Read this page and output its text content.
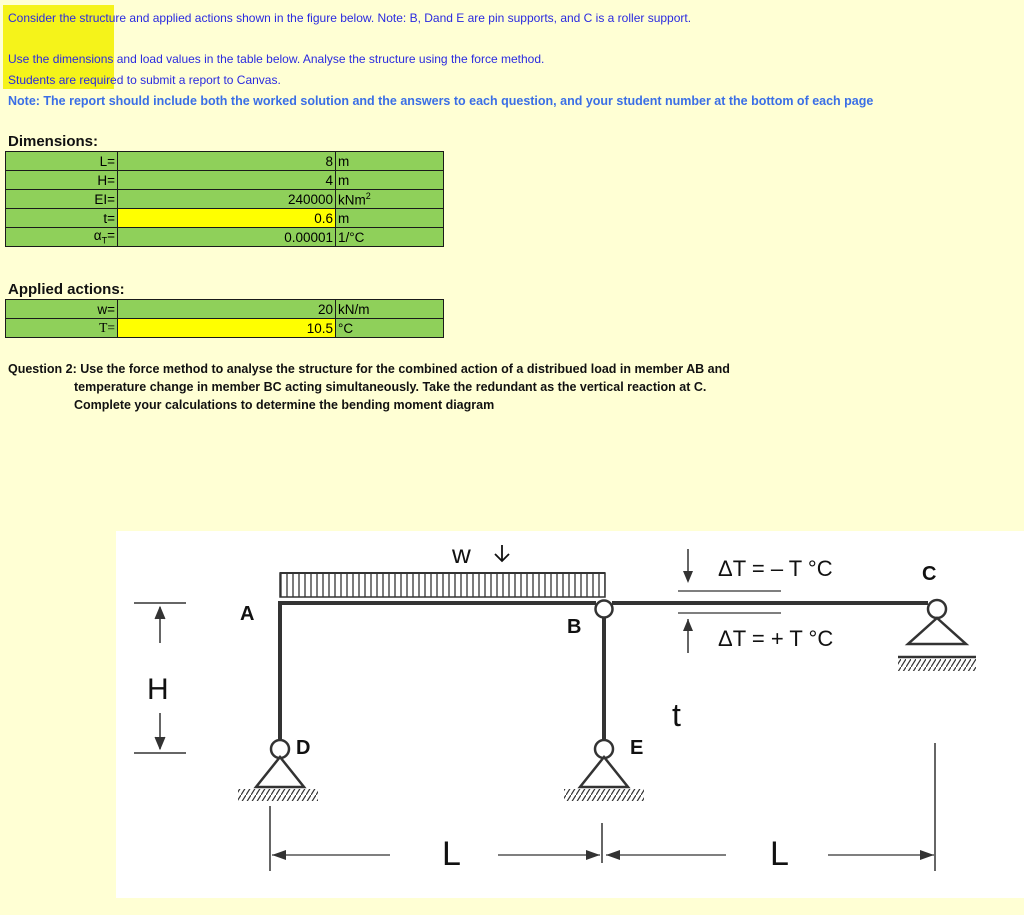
Consider the structure and applied actions shown in the figure below. Note: B, Dand E are pin supports, and C is a roller support.
Use the dimensions and load values in the table below. Analyse the structure using the force method.
Students are required to submit a report to Canvas.
Note: The report should include both the worked solution and the answers to each question, and your student number at the bottom of each page
Dimensions:
L=	8	m
H=	4	m
EI=	240000	kNm$^2$
t=	0.6	m
$\alpha_T=$	0.00001	1/°C
Applied actions:
w=	20	kN/m
T=	10.5	°C
Question 2: Use the force method to analyse the structure for the combined action of a distribued load in member AB and
temperature change in member BC acting simultaneously. Take the redundant as the vertical reaction at C.
Complete your calculations to determine the bending moment diagram
w	ΔT = – T °C
ΔT = + T °C
A
B
C
D	E
H
t
L	L
